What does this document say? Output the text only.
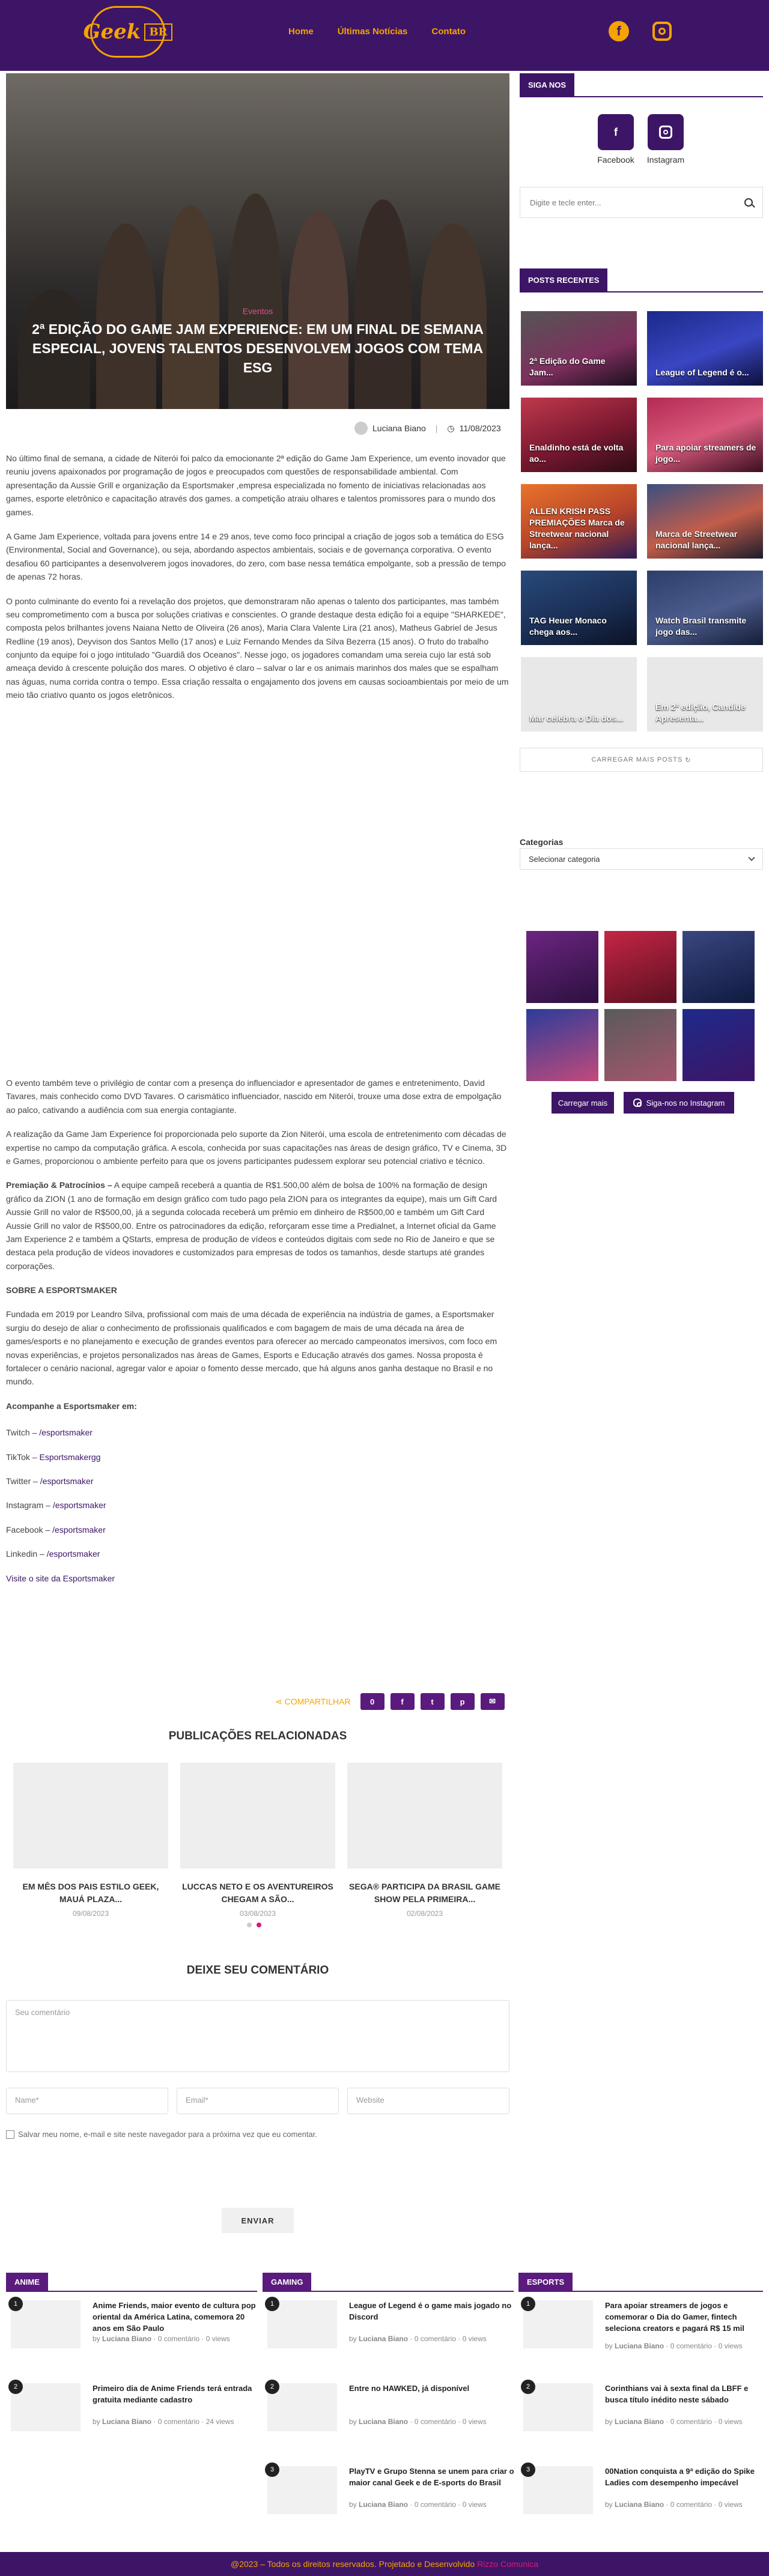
Geek BR	Home	Últimas Notícias	Contato	f
Eventos
2ª EDIÇÃO DO GAME JAM EXPERIENCE: EM UM FINAL DE SEMANA ESPECIAL, JOVENS TALENTOS DESENVOLVEM JOGOS COM TEMA ESG
Luciana Biano | ◷ 11/08/2023

No último final de semana, a cidade de Niterói foi palco da emocionante 2ª edição do Game Jam Experience, um evento inovador que reuniu jovens apaixonados por programação de jogos e preocupados com questões de responsabilidade ambiental. Com apresentação da Aussie Grill e organização da Esportsmaker ,empresa especializada no fomento de iniciativas relacionadas aos games, esporte eletrônico e capacitação através dos games. a competição atraiu olhares e talentos promissores para o mundo dos games.

A Game Jam Experience, voltada para jovens entre 14 e 29 anos, teve como foco principal a criação de jogos sob a temática do ESG (Environmental, Social and Governance), ou seja, abordando aspectos ambientais, sociais e de governança corporativa. O evento desafiou 60 participantes a desenvolverem jogos inovadores, do zero, com base nessa temática empolgante, sob a pressão de tempo de apenas 72 horas.

O ponto culminante do evento foi a revelação dos projetos, que demonstraram não apenas o talento dos participantes, mas também seu comprometimento com a busca por soluções criativas e conscientes. O grande destaque desta edição foi a equipe "SHARKEDE", composta pelos brilhantes jovens Naiana Netto de Oliveira (26 anos), Maria Clara Valente Lira (21 anos), Matheus Gabriel de Jesus Redline (19 anos), Deyvison dos Santos Mello (17 anos) e Luiz Fernando Mendes da Silva Bezerra (15 anos). O fruto do trabalho conjunto da equipe foi o jogo intitulado "Guardiã dos Oceanos". Nesse jogo, os jogadores comandam uma sereia cujo lar está sob ameaça devido à crescente poluição dos mares. O objetivo é claro – salvar o lar e os animais marinhos dos males que se espalham nas águas, numa corrida contra o tempo. Essa criação ressalta o engajamento dos jovens em causas socioambientais por meio de um meio tão criativo quanto os jogos eletrônicos.

O evento também teve o privilégio de contar com a presença do influenciador e apresentador de games e entretenimento, David Tavares, mais conhecido como DVD Tavares. O carismático influenciador, nascido em Niterói, trouxe uma dose extra de empolgação ao palco, cativando a audiência com sua energia contagiante.

A realização da Game Jam Experience foi proporcionada pelo suporte da Zion Niterói, uma escola de entretenimento com décadas de expertise no campo da computação gráfica. A escola, conhecida por suas capacitações nas áreas de design gráfico, TV e Cinema, 3D e Games, proporcionou o ambiente perfeito para que os jovens participantes pudessem explorar seu potencial criativo e técnico.

Premiação & Patrocínios – A equipe campeã receberá a quantia de R$1.500,00 além de bolsa de 100% na formação de design gráfico da ZION (1 ano de formação em design gráfico com tudo pago pela ZION para os integrantes da equipe), mais um Gift Card Aussie Grill no valor de R$500,00, já a segunda colocada receberá um prêmio em dinheiro de R$500,00 e também um Gift Card Aussie Grill no valor de R$500,00. Entre os patrocinadores da edição, reforçaram esse time a Predialnet, a Internet oficial da Game Jam Experience 2 e também a QStarts, empresa de produção de vídeos e conteúdos digitais com sede no Rio de Janeiro e que se destaca pela produção de vídeos inovadores e customizados para empresas de todos os tamanhos, desde startups até grandes corporações.

SOBRE A ESPORTSMAKER

Fundada em 2019 por Leandro Silva, profissional com mais de uma década de experiência na indústria de games, a Esportsmaker surgiu do desejo de aliar o conhecimento de profissionais qualificados e com bagagem de mais de uma década na área de games/esports e no planejamento e execução de grandes eventos para oferecer ao mercado campeonatos imersivos, com foco em novas experiências, e projetos personalizados nas áreas de Games, Esports e Educação através dos games. Nossa proposta é fortalecer o cenário nacional, agregar valor e apoiar o fomento desse mercado, que há alguns anos ganha destaque no Brasil e no mundo.

Acompanhe a Esportsmaker em:

Twitch – /esportsmaker

TikTok – Esportsmakergg

Twitter – /esportsmaker

Instagram – /esportsmaker

Facebook – /esportsmaker

Linkedin – /esportsmaker

Visite o site da Esportsmaker

⋖ COMPARTILHAR 0	f	t	p	✉
PUBLICAÇÕES RELACIONADAS
EM MÊS DOS PAIS ESTILO GEEK, MAUÁ PLAZA...
09/08/2023
LUCCAS NETO E OS AVENTUREIROS CHEGAM A SÃO...
03/08/2023
SEGA® PARTICIPA DA BRASIL GAME SHOW PELA PRIMEIRA...
02/08/2023
DEIXE SEU COMENTÁRIO
Seu comentário
Name*	Email*	Website
Salvar meu nome, e-mail e site neste navegador para a próxima vez que eu comentar.
ENVIAR
SIGA NOS
f
Facebook	Instagram
Digite e tecle enter...
POSTS RECENTES
2ª Edição do Game Jam...	League of Legend é o...
Enaldinho está de volta ao...
Para apoiar streamers de jogo...
ALLEN KRISH PASS PREMIAÇÕES Marca de Streetwear nacional lança...
Marca de Streetwear nacional lança...
TAG Heuer Monaco chega aos...
Watch Brasil transmite jogo das...
Mar celebra o Dia dos...
Em 2ª edição, Candide Apresenta...
CARREGAR MAIS POSTS ↻
Categorias
Selecionar categoria
Carregar mais	Siga-nos no Instagram
ANIME
1	Anime Friends, maior evento de cultura pop oriental da América Latina, comemora 20 anos em São Paulo
by Luciana Biano · 0 comentário · 0 views
2	Primeiro dia de Anime Friends terá entrada gratuita mediante cadastro
by Luciana Biano · 0 comentário · 24 views
GAMING
1	League of Legend é o game mais jogado no Discord
by Luciana Biano · 0 comentário · 0 views
2	Entre no HAWKED, já disponível
by Luciana Biano · 0 comentário · 0 views
3	PlayTV e Grupo Stenna se unem para criar o maior canal Geek e de E-sports do Brasil
by Luciana Biano · 0 comentário · 0 views
ESPORTS
1	Para apoiar streamers de jogos e comemorar o Dia do Gamer, fintech seleciona creators e pagará R$ 15 mil
by Luciana Biano · 0 comentário · 0 views
2	Corinthians vai à sexta final da LBFF e busca título inédito neste sábado
by Luciana Biano · 0 comentário · 0 views
3	00Nation conquista a 9ª edição do Spike Ladies com desempenho impecável
by Luciana Biano · 0 comentário · 0 views
@2023 – Todos os direitos reservados. Projetado e Desenvolvido
Rizzo Comunica
